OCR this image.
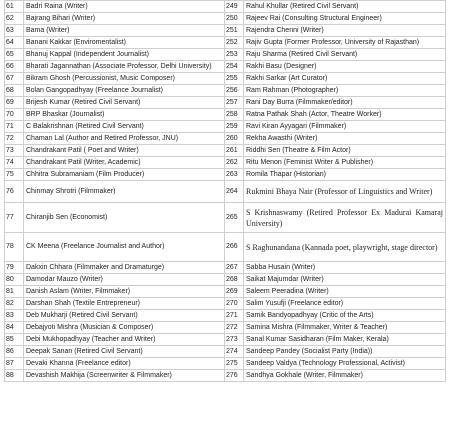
61	Badri Raina (Writer)	249	Rahul Khullar (Retired Civil Servant)
62	Bajrang Bihari (Writer)	250	Rajeev Rai (Consulting Structural Engineer)
63	Bama (Writer)	251	Rajendra Chenni (Writer)
64	Banani Kakkar (Enviromentalist)	252	Rajiv Gupta (Former Professor, University of Rajasthan)
65	Bhanuj Kappal (Independent Journalist)	253	Raju Sharma (Retired Civil Servant)
66	Bharati Jagannathan (Associate Professor, Delhi University)	254	Rakhi Basu (Designer)
67	Bikram Ghosh (Percussionist, Music Composer)	255	Rakhi Sarkar (Art Curator)
68	Bolan Gangopadhyay (Freelance Journalist)	256	Ram Rahman (Photographer)
69	Brijesh Kumar (Retired Civil Servant)	257	Rani Day Burra (Filmmaker/editor)
70	BRP Bhaskar (Journalist)	258	Ratna Pathak Shah (Actor, Theatre Worker)
71	C Balakrishnan (Retired Civil Servant)	259	Ravi Kiran Ayyagari (Filmmaker)
72	Chaman Lal (Author and Retired Professor, JNU)	260	Rekha Awasthi (Writer)
73	Chandrakant Patil ( Poet and Writer)	261	Riddhi Sen (Theatre & Film Actor)
74	Chandrakant Patil (Writer, Academic)	262	Ritu Menon (Feminist Writer & Publisher)
75	Chhitra Subramaniam (Film Producer)	263	Romila Thapar (Historian)
76	Chinmay Shrotri (Filmmaker)	264	Rukmini Bhaya Nair (Professor of Linguistics and Writer)
77	Chiranjib Sen (Economist)	265	S Krishnaswamy (Retired Professor Ex Madurai Kamaraj University)
78	CK Meena (Freelance Journalist and Author)	266	S Raghunandana (Kannada poet, playwright, stage director)
79	Dakxin Chhara (Filmmaker and Dramaturge)	267	Sabba Husain (Writer)
80	Damodar Mauzo (Writer)	268	Saikat Majumdar (Writer)
81	Danish Aslam (Writer, Filmmaker)	269	Saleem Peeradina (Writer)
82	Darshan Shah (Textile Entrepreneur)	270	Salim Yusufji (Freelance editor)
83	Deb Mukharji (Retired Civil Servant)	271	Samik Bandyopadhyay (Critic of the Arts)
84	Debajyoti Mishra (Musician & Composer)	272	Samina Mishra (Filmmaker, Writer & Teacher)
85	Debi Mukhopadhyay (Teacher and Writer)	273	Sanal Kumar Sasidharan (Film Maker, Kerala)
86	Deepak Sanan (Retired Civil Servant)	274	Sandeep Pandey (Socialist Party (India))
87	Devaki Khanna (Freelance editor)	275	Sandeep Valdya (Technology Professional, Activist)
88	Devashish Makhija (Screenwriter & Filmmaker)	276	Sandhya Gokhale (Writer, Filmmaker)
